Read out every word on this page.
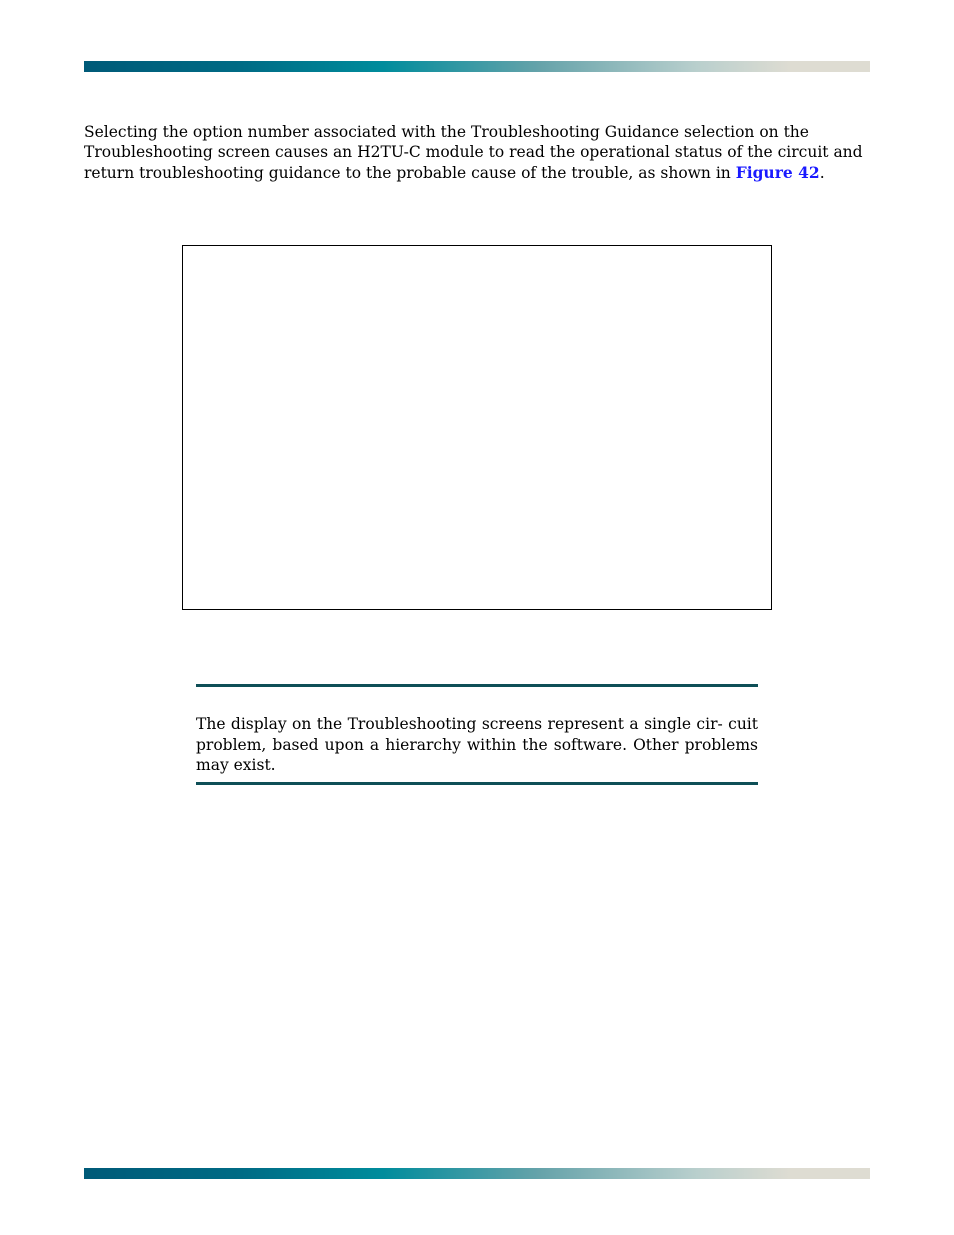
Selecting the option number associated with the Troubleshooting Guidance selection on the Troubleshooting screen causes an H2TU-C module to read the operational status of the circuit and return troubleshooting guidance to the probable cause of the trouble, as shown in Figure 42.

The display on the Troubleshooting screens represent a single cir- cuit problem, based upon a hierarchy within the software. Other problems may exist.
